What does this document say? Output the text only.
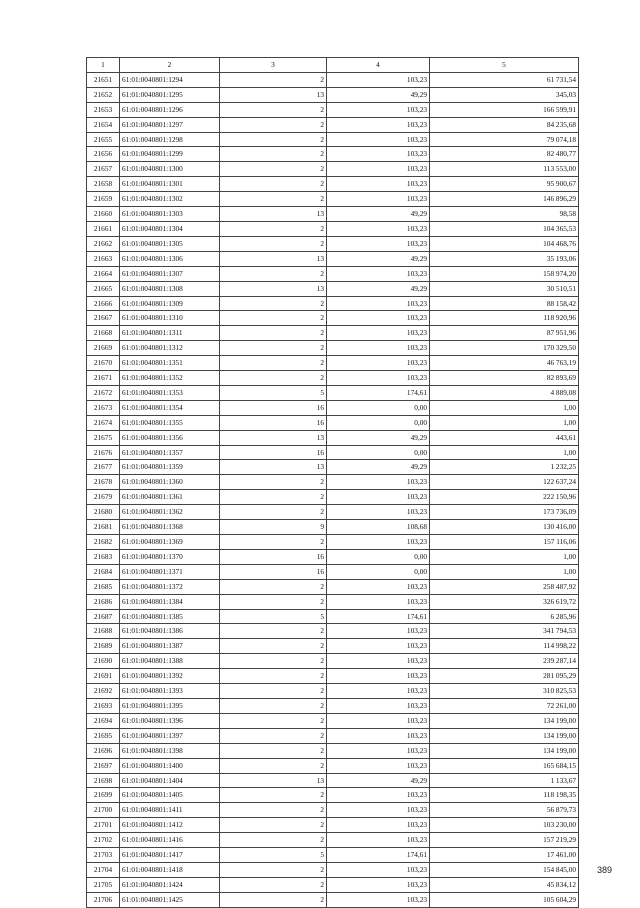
1	2	3	4	5
21651	61:01:0040801:1294	2	103,23	61 731,54
21652	61:01:0040801:1295	13	49,29	345,03
21653	61:01:0040801:1296	2	103,23	166 599,91
21654	61:01:0040801:1297	2	103,23	84 235,68
21655	61:01:0040801:1298	2	103,23	79 074,18
21656	61:01:0040801:1299	2	103,23	82 480,77
21657	61:01:0040801:1300	2	103,23	113 553,00
21658	61:01:0040801:1301	2	103,23	95 900,67
21659	61:01:0040801:1302	2	103,23	146 896,29
21660	61:01:0040801:1303	13	49,29	98,58
21661	61:01:0040801:1304	2	103,23	104 365,53
21662	61:01:0040801:1305	2	103,23	104 468,76
21663	61:01:0040801:1306	13	49,29	35 193,06
21664	61:01:0040801:1307	2	103,23	158 974,20
21665	61:01:0040801:1308	13	49,29	30 510,51
21666	61:01:0040801:1309	2	103,23	88 158,42
21667	61:01:0040801:1310	2	103,23	118 920,96
21668	61:01:0040801:1311	2	103,23	87 951,96
21669	61:01:0040801:1312	2	103,23	170 329,50
21670	61:01:0040801:1351	2	103,23	46 763,19
21671	61:01:0040801:1352	2	103,23	82 893,69
21672	61:01:0040801:1353	5	174,61	4 889,08
21673	61:01:0040801:1354	16	0,00	1,00
21674	61:01:0040801:1355	16	0,00	1,00
21675	61:01:0040801:1356	13	49,29	443,61
21676	61:01:0040801:1357	16	0,00	1,00
21677	61:01:0040801:1359	13	49,29	1 232,25
21678	61:01:0040801:1360	2	103,23	122 637,24
21679	61:01:0040801:1361	2	103,23	222 150,96
21680	61:01:0040801:1362	2	103,23	173 736,09
21681	61:01:0040801:1368	9	108,68	130 416,00
21682	61:01:0040801:1369	2	103,23	157 116,06
21683	61:01:0040801:1370	16	0,00	1,00
21684	61:01:0040801:1371	16	0,00	1,00
21685	61:01:0040801:1372	2	103,23	258 487,92
21686	61:01:0040801:1384	2	103,23	326 619,72
21687	61:01:0040801:1385	5	174,61	6 285,96
21688	61:01:0040801:1386	2	103,23	341 794,53
21689	61:01:0040801:1387	2	103,23	114 998,22
21690	61:01:0040801:1388	2	103,23	239 287,14
21691	61:01:0040801:1392	2	103,23	281 095,29
21692	61:01:0040801:1393	2	103,23	310 825,53
21693	61:01:0040801:1395	2	103,23	72 261,00
21694	61:01:0040801:1396	2	103,23	134 199,00
21695	61:01:0040801:1397	2	103,23	134 199,00
21696	61:01:0040801:1398	2	103,23	134 199,00
21697	61:01:0040801:1400	2	103,23	165 684,15
21698	61:01:0040801:1404	13	49,29	1 133,67
21699	61:01:0040801:1405	2	103,23	118 198,35
21700	61:01:0040801:1411	2	103,23	56 879,73
21701	61:01:0040801:1412	2	103,23	103 230,00
21702	61:01:0040801:1416	2	103,23	157 219,29
21703	61:01:0040801:1417	5	174,61	17 461,00
21704	61:01:0040801:1418	2	103,23	154 845,00
21705	61:01:0040801:1424	2	103,23	45 834,12
21706	61:01:0040801:1425	2	103,23	105 604,29
389
